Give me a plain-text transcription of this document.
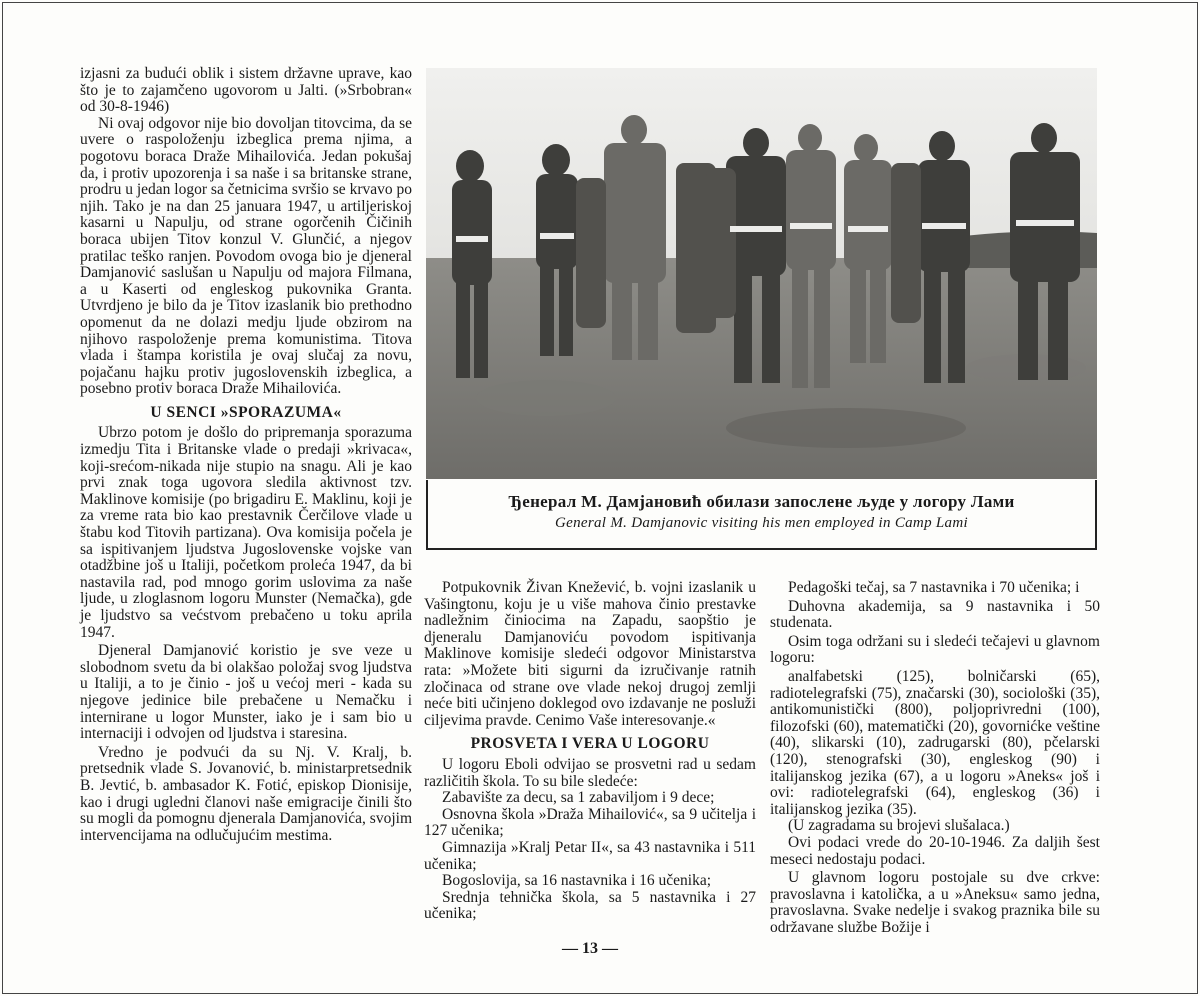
izjasni za budući oblik i sistem državne uprave, kao što je to zajamčeno ugovorom u Jalti. (»Srbobran« od 30-8-1946)

Ni ovaj odgovor nije bio dovoljan titovcima, da se uvere o raspoloženju izbeglica prema njima, a pogotovu boraca Draže Mihailovića. Jedan pokušaj da, i protiv upozorenja i sa naše i sa britanske strane, prodru u jedan logor sa četnicima svršio se krvavo po njih. Tako je na dan 25 januara 1947, u artiljeriskoj kasarni u Napulju, od strane ogorčenih Čičinih boraca ubijen Titov konzul V. Glunčić, a njegov pratilac teško ranjen. Povodom ovoga bio je djeneral Damjanović saslušan u Napulju od majora Filmana, a u Kaserti od engleskog pukovnika Granta. Utvrdjeno je bilo da je Titov izaslanik bio prethodno opomenut da ne dolazi medju ljude obzirom na njihovo raspoloženje prema komunistima. Titova vlada i štampa koristila je ovaj slučaj za novu, pojačanu hajku protiv jugoslovenskih izbeglica, a posebno protiv boraca Draže Mihailovića.

U SENCI »SPORAZUMA«

Ubrzo potom je došlo do pripremanja sporazuma izmedju Tita i Britanske vlade o predaji »krivaca«, koji-srećom-nikada nije stupio na snagu. Ali je kao prvi znak toga ugovora sledila aktivnost tzv. Maklinove komisije (po brigadiru E. Maklinu, koji je za vreme rata bio kao prestavnik Čerčilove vlade u štabu kod Titovih partizana). Ova komisija počela je sa ispitivanjem ljudstva Jugoslovenske vojske van otadžbine još u Italiji, početkom proleća 1947, da bi nastavila rad, pod mnogo gorim uslovima za naše ljude, u zloglasnom logoru Munster (Nemačka), gde je ljudstvo sa većstvom prebačeno u toku aprila 1947.

Djeneral Damjanović koristio je sve veze u slobodnom svetu da bi olakšao položaj svog ljudstva u Italiji, a to je činio - još u većoj meri - kada su njegove jedinice bile prebačene u Nemačku i internirane u logor Munster, iako je i sam bio u internaciji i odvojen od ljudstva i staresina.

Vredno je podvući da su Nj. V. Kralj, b. pretsednik vlade S. Jovanović, b. ministarpretsednik B. Jevtić, b. ambasador K. Fotić, episkop Dionisije, kao i drugi ugledni članovi naše emigracije činili što su mogli da pomognu djenerala Damjanovića, svojim intervencijama na odlučujućim mestima.

Ђенерал М. Дамјановић обилази запослене људе у логору Лами
General M. Damjanovic visiting his men employed in Camp Lami

Potpukovnik Živan Knežević, b. vojni izaslanik u Vašingtonu, koju je u više mahova činio prestavke nadležnim činiocima na Zapadu, saopštio je djeneralu Damjanoviću povodom ispitivanja Maklinove komisije sledeći odgovor Ministarstva rata: »Možete biti sigurni da izručivanje ratnih zločinaca od strane ove vlade nekoj drugoj zemlji neće biti učinjeno doklegod ovo izdavanje ne posluži ciljevima pravde. Cenimo Vaše interesovanje.«

PROSVETA I VERA U LOGORU

U logoru Eboli odvijao se prosvetni rad u sedam različitih škola. To su bile sledeće:

Zabavište za decu, sa 1 zabaviljom i 9 dece;

Osnovna škola »Draža Mihailović«, sa 9 učitelja i 127 učenika;

Gimnazija »Kralj Petar II«, sa 43 nastavnika i 511 učenika;

Bogoslovija, sa 16 nastavnika i 16 učenika;

Srednja tehnička škola, sa 5 nastavnika i 27 učenika;

Pedagoški tečaj, sa 7 nastavnika i 70 učenika; i

Duhovna akademija, sa 9 nastavnika i 50 studenata.

Osim toga održani su i sledeći tečajevi u glavnom logoru:

analfabetski (125), bolničarski (65), radiotelegrafski (75), značarski (30), sociološki (35), antikomunistički (800), poljoprivredni (100), filozofski (60), matematički (20), govornićke veštine (40), slikarski (10), zadrugarski (80), pčelarski (120), stenografski (30), engleskog (90) i italijanskog jezika (67), a u logoru »Aneks« još i ovi: radiotelegrafski (64), engleskog (36) i italijanskog jezika (35).

(U zagradama su brojevi slušalaca.)

Ovi podaci vrede do 20-10-1946. Za daljih šest meseci nedostaju podaci.

U glavnom logoru postojale su dve crkve: pravoslavna i katolička, a u »Aneksu« samo jedna, pravoslavna. Svake nedelje i svakog praznika bile su održavane službe Božije i

— 13 —
